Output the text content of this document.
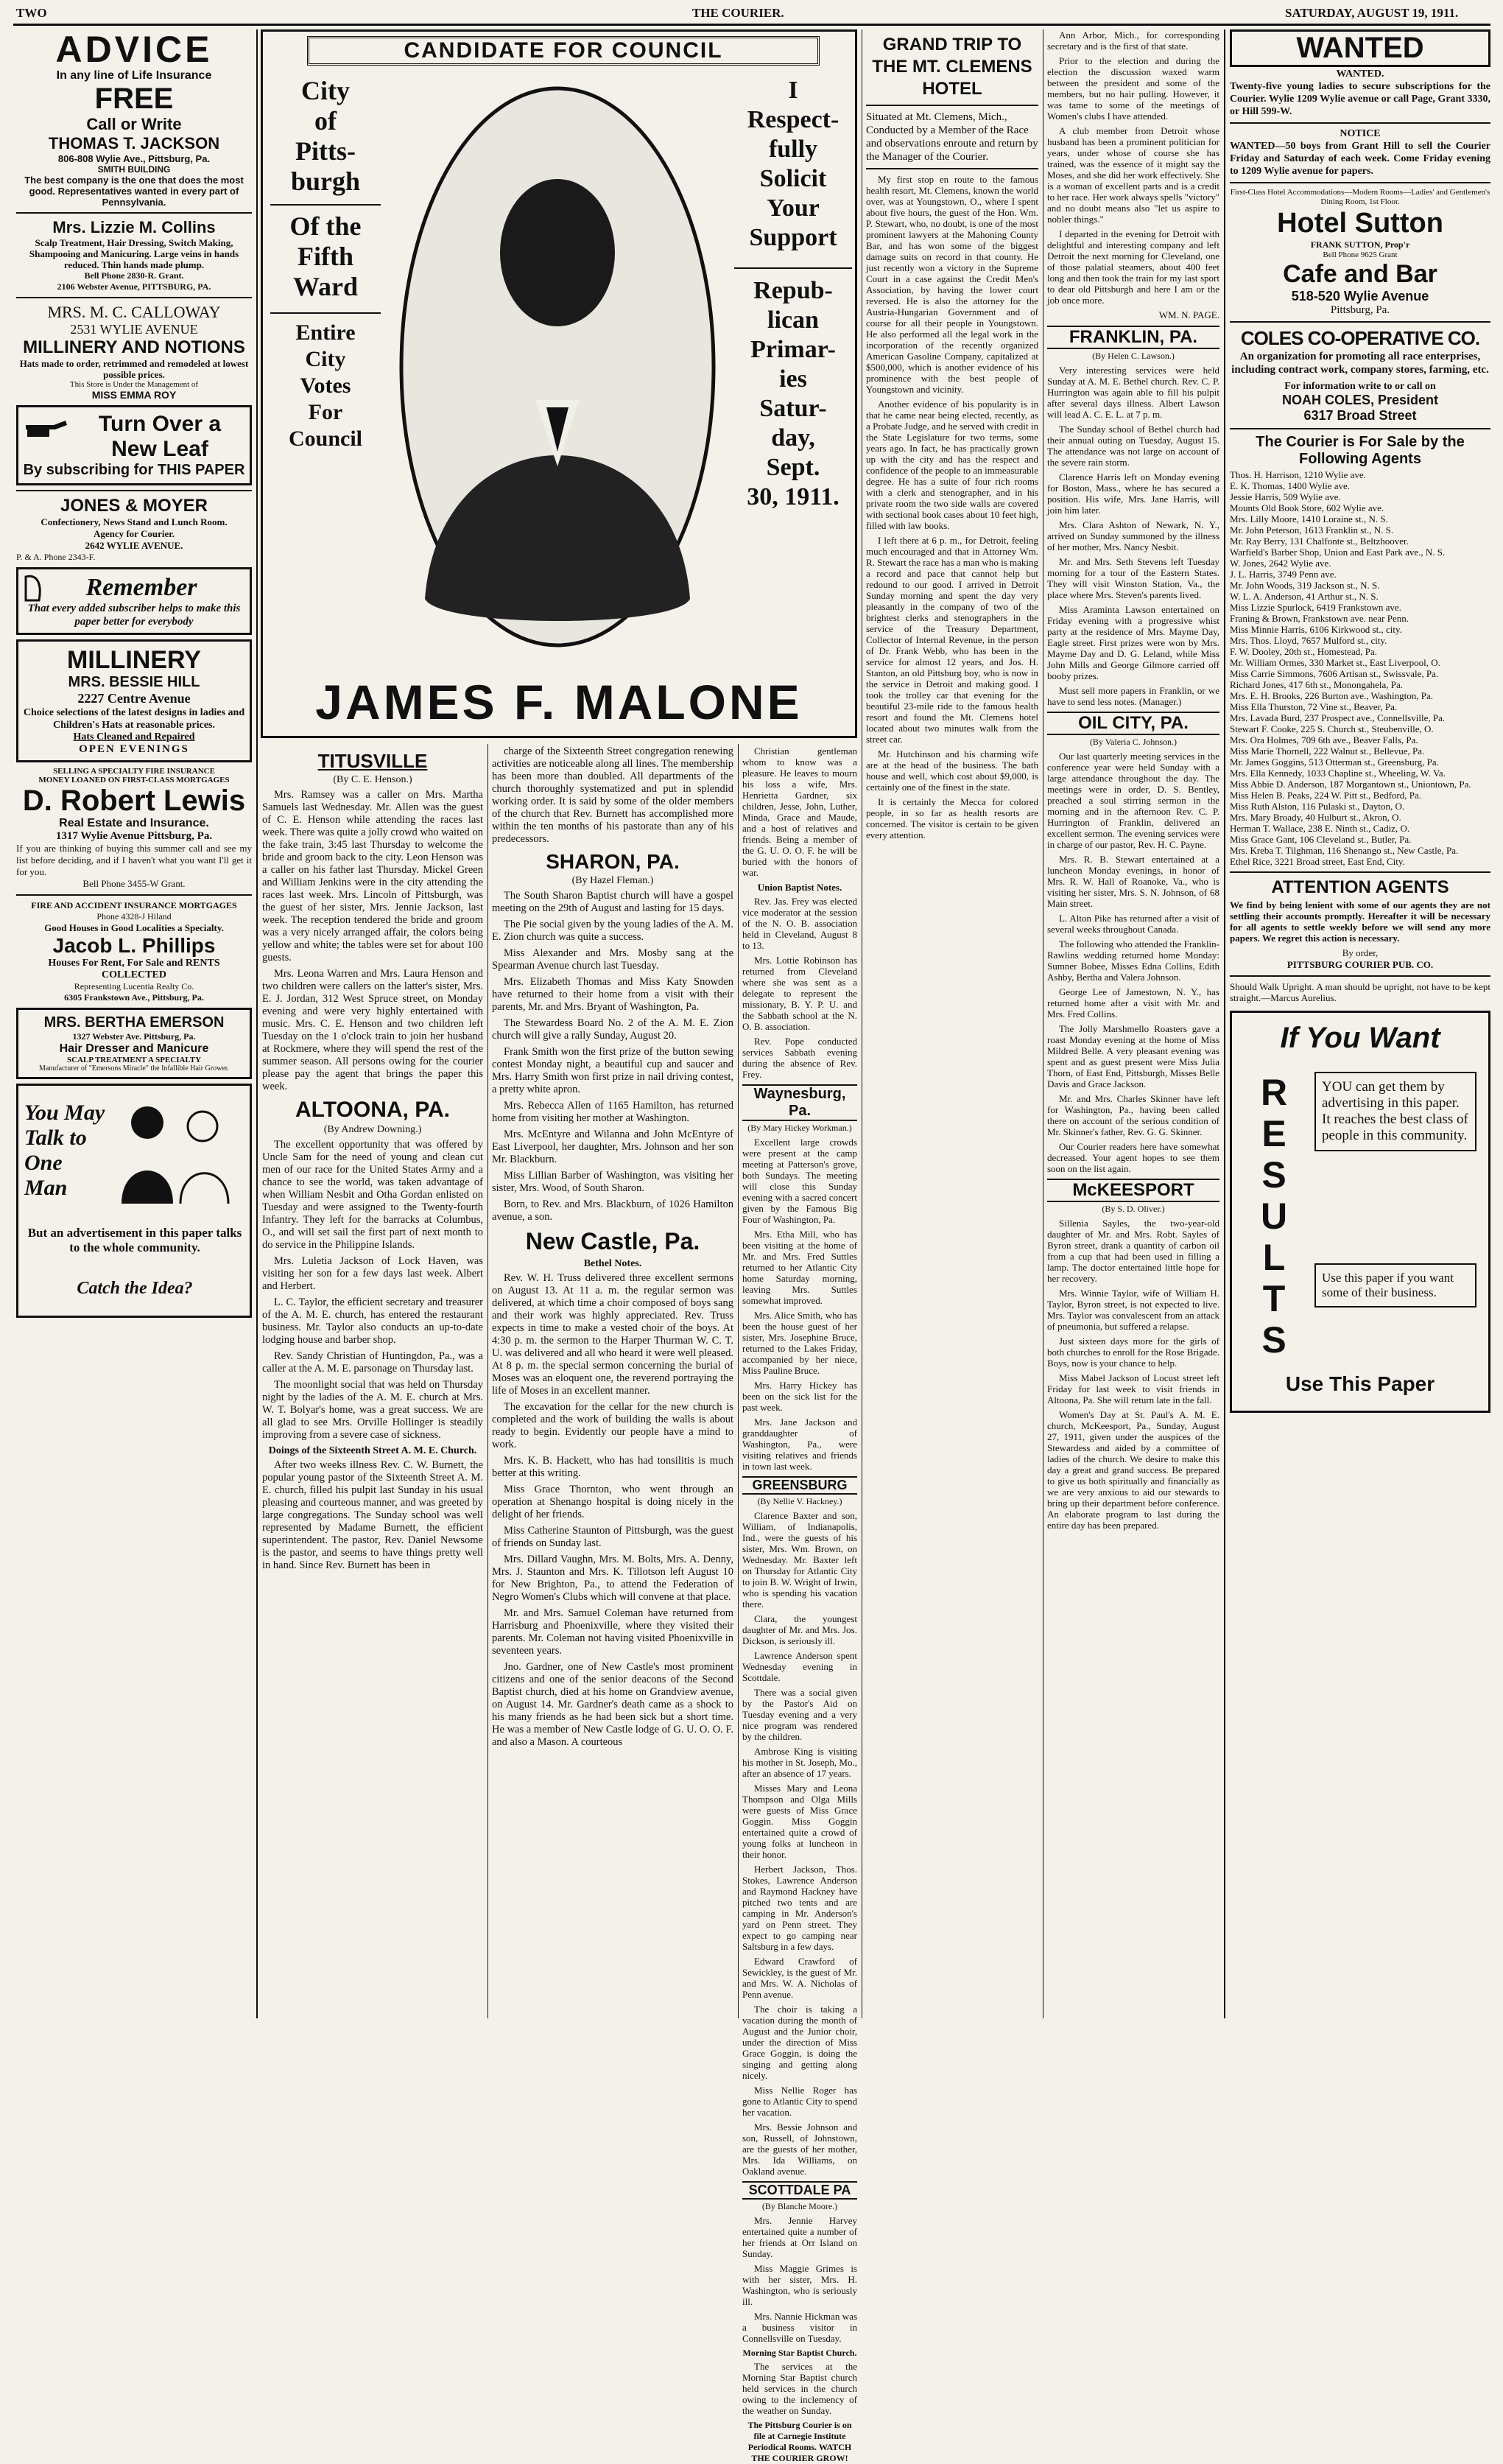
TWO	THE COURIER.	SATURDAY, AUGUST 19, 1911.
ADVICE
In any line of Life Insurance
FREE
Call or Write
THOMAS T. JACKSON
806-808 Wylie Ave., Pittsburg, Pa.
SMITH BUILDING
The best company is the one that does the most good. Representatives wanted in every part of Pennsylvania.
Mrs. Lizzie M. Collins
Scalp Treatment, Hair Dressing, Switch Making, Shampooing and Manicuring. Large veins in hands reduced. Thin hands made plump.
Bell Phone 2830-R. Grant.
2106 Webster Avenue, PITTSBURG, PA.
MRS. M. C. CALLOWAY
2531 WYLIE AVENUE
MILLINERY AND NOTIONS
Hats made to order, retrimmed and remodeled at lowest possible prices.
This Store is Under the Management of
MISS EMMA ROY
Turn Over a New Leaf
By subscribing for THIS PAPER
JONES & MOYER
Confectionery, News Stand and Lunch Room.
Agency for Courier.
2642 WYLIE AVENUE.
P. & A. Phone 2343-F.
Remember
That every added subscriber helps to make this paper better for everybody
MILLINERY
MRS. BESSIE HILL
2227 Centre Avenue
Choice selections of the latest designs in ladies and Children's Hats at reasonable prices.
Hats Cleaned and Repaired
OPEN EVENINGS
SELLING A SPECIALTY FIRE INSURANCE
MONEY LOANED ON FIRST-CLASS MORTGAGES
D. Robert Lewis
Real Estate and Insurance.
1317 Wylie Avenue Pittsburg, Pa.
If you are thinking of buying this summer call and see my list before deciding, and if I haven't what you want I'll get it for you.
Bell Phone 3455-W Grant.
FIRE AND ACCIDENT INSURANCE MORTGAGES
Phone 4328-J Hiland
Good Houses in Good Localities a Specialty.
Jacob L. Phillips
Houses For Rent, For Sale and RENTS COLLECTED
Representing Lucentia Realty Co.
6305 Frankstown Ave., Pittsburg, Pa.
MRS. BERTHA EMERSON
1327 Webster Ave. Pittsburg, Pa.
Hair Dresser and Manicure
SCALP TREATMENT A SPECIALTY
Manufacturer of "Emersons Miracle" the Infallible Hair Grower.
You May Talk to One Man
But an advertisement in this paper talks to the whole community.
Catch the Idea?
CANDIDATE FOR COUNCIL
City
of
Pitts-
burgh
Of the
Fifth
Ward
Entire
City
Votes
For
Council
I
Respect-
fully
Solicit
Your
Support
Repub-
lican
Primar-
ies
Satur-
day,
Sept.
30, 1911.
JAMES F. MALONE
TITUSVILLE
(By C. E. Henson.)

Mrs. Ramsey was a caller on Mrs. Martha Samuels last Wednesday. Mr. Allen was the guest of C. E. Henson while attending the races last week. There was quite a jolly crowd who waited on the fake train, 3:45 last Thursday to welcome the bride and groom back to the city. Leon Henson was a caller on his father last Thursday. Mickel Green and William Jenkins were in the city attending the races last week. Mrs. Lincoln of Pittsburgh, was the guest of her sister, Mrs. Jennie Jackson, last week. The reception tendered the bride and groom was a very nicely arranged affair, the colors being yellow and white; the tables were set for about 100 guests.

Mrs. Leona Warren and Mrs. Laura Henson and two children were callers on the latter's sister, Mrs. E. J. Jordan, 312 West Spruce street, on Monday evening and were very highly entertained with music. Mrs. C. E. Henson and two children left Tuesday on the 1 o'clock train to join her husband at Rockmere, where they will spend the rest of the summer season. All persons owing for the courier please pay the agent that brings the paper this week.

ALTOONA, PA.
(By Andrew Downing.)

The excellent opportunity that was offered by Uncle Sam for the need of young and clean cut men of our race for the United States Army and a chance to see the world, was taken advantage of when William Nesbit and Otha Gordan enlisted on Tuesday and were assigned to the Twenty-fourth Infantry. They left for the barracks at Columbus, O., and will set sail the first part of next month to do service in the Philippine Islands.

Mrs. Luletia Jackson of Lock Haven, was visiting her son for a few days last week. Albert and Herbert.

L. C. Taylor, the efficient secretary and treasurer of the A. M. E. church, has entered the restaurant business. Mr. Taylor also conducts an up-to-date lodging house and barber shop.

Rev. Sandy Christian of Huntingdon, Pa., was a caller at the A. M. E. parsonage on Thursday last.

The moonlight social that was held on Thursday night by the ladies of the A. M. E. church at Mrs. W. T. Bolyar's home, was a great success. We are all glad to see Mrs. Orville Hollinger is steadily improving from a severe case of sickness.

Doings of the Sixteenth Street A. M. E. Church.

After two weeks illness Rev. C. W. Burnett, the popular young pastor of the Sixteenth Street A. M. E. church, filled his pulpit last Sunday in his usual pleasing and courteous manner, and was greeted by large congregations. The Sunday school was well represented by Madame Burnett, the efficient superintendent. The pastor, Rev. Daniel Newsome is the pastor, and seems to have things pretty well in hand. Since Rev. Burnett has been in

charge of the Sixteenth Street congregation renewing activities are noticeable along all lines. The membership has been more than doubled. All departments of the church thoroughly systematized and put in splendid working order. It is said by some of the older members of the church that Rev. Burnett has accomplished more within the ten months of his pastorate than any of his predecessors.

SHARON, PA.
(By Hazel Fleman.)

The South Sharon Baptist church will have a gospel meeting on the 29th of August and lasting for 15 days.

The Pie social given by the young ladies of the A. M. E. Zion church was quite a success.

Miss Alexander and Mrs. Mosby sang at the Spearman Avenue church last Tuesday.

Mrs. Elizabeth Thomas and Miss Katy Snowden have returned to their home from a visit with their parents, Mr. and Mrs. Bryant of Washington, Pa.

The Stewardess Board No. 2 of the A. M. E. Zion church will give a rally Sunday, August 20.

Frank Smith won the first prize of the button sewing contest Monday night, a beautiful cup and saucer and Mrs. Harry Smith won first prize in nail driving contest, a pretty white apron.

Mrs. Rebecca Allen of 1165 Hamilton, has returned home from visiting her mother at Washington.

Mrs. McEntyre and Wilanna and John McEntyre of East Liverpool, her daughter, Mrs. Johnson and her son Mr. Blackburn.

Miss Lillian Barber of Washington, was visiting her sister, Mrs. Wood, of South Sharon.

Born, to Rev. and Mrs. Blackburn, of 1026 Hamilton avenue, a son.

New Castle, Pa.
Bethel Notes.

Rev. W. H. Truss delivered three excellent sermons on August 13. At 11 a. m. the regular sermon was delivered, at which time a choir composed of boys sang and their work was highly appreciated. Rev. Truss expects in time to make a vested choir of the boys. At 4:30 p. m. the sermon to the Harper Thurman W. C. T. U. was delivered and all who heard it were well pleased. At 8 p. m. the special sermon concerning the burial of Moses was an eloquent one, the reverend portraying the life of Moses in an excellent manner.

The excavation for the cellar for the new church is completed and the work of building the walls is about ready to begin. Evidently our people have a mind to work.

Mrs. K. B. Hackett, who has had tonsilitis is much better at this writing.

Miss Grace Thornton, who went through an operation at Shenango hospital is doing nicely in the delight of her friends.

Miss Catherine Staunton of Pittsburgh, was the guest of friends on Sunday last.

Mrs. Dillard Vaughn, Mrs. M. Bolts, Mrs. A. Denny, Mrs. J. Staunton and Mrs. K. Tillotson left August 10 for New Brighton, Pa., to attend the Federation of Negro Women's Clubs which will convene at that place.

Mr. and Mrs. Samuel Coleman have returned from Harrisburg and Phoenixville, where they visited their parents. Mr. Coleman not having visited Phoenixville in seventeen years.

Jno. Gardner, one of New Castle's most prominent citizens and one of the senior deacons of the Second Baptist church, died at his home on Grandview avenue, on August 14. Mr. Gardner's death came as a shock to his many friends as he had been sick but a short time. He was a member of New Castle lodge of G. U. O. O. F. and also a Mason. A courteous

Christian gentleman whom to know was a pleasure. He leaves to mourn his loss a wife, Mrs. Henrietta Gardner, six children, Jesse, John, Luther, Minda, Grace and Maude, and a host of relatives and friends. Being a member of the G. U. O. O. F. he will be buried with the honors of war.

Union Baptist Notes.

Rev. Jas. Frey was elected vice moderator at the session of the N. O. B. association held in Cleveland, August 8 to 13.

Mrs. Lottie Robinson has returned from Cleveland where she was sent as a delegate to represent the missionary, B. Y. P. U. and the Sabbath school at the N. O. B. association.

Rev. Pope conducted services Sabbath evening during the absence of Rev. Frey.

Waynesburg, Pa.
(By Mary Hickey Workman.)

Excellent large crowds were present at the camp meeting at Patterson's grove, both Sundays. The meeting will close this Sunday evening with a sacred concert given by the Famous Big Four of Washington, Pa.

Mrs. Etha Mill, who has been visiting at the home of Mr. and Mrs. Fred Suttles returned to her Atlantic City home Saturday morning, leaving Mrs. Suttles somewhat improved.

Mrs. Alice Smith, who has been the house guest of her sister, Mrs. Josephine Bruce, returned to the Lakes Friday, accompanied by her niece, Miss Pauline Bruce.

Mrs. Harry Hickey has been on the sick list for the past week.

Mrs. Jane Jackson and granddaughter of Washington, Pa., were visiting relatives and friends in town last week.

GREENSBURG
(By Nellie V. Hackney.)

Clarence Baxter and son, William, of Indianapolis, Ind., were the guests of his sister, Mrs. Wm. Brown, on Wednesday. Mr. Baxter left on Thursday for Atlantic City to join B. W. Wright of Irwin, who is spending his vacation there.

Clara, the youngest daughter of Mr. and Mrs. Jos. Dickson, is seriously ill.

Lawrence Anderson spent Wednesday evening in Scottdale.

There was a social given by the Pastor's Aid on Tuesday evening and a very nice program was rendered by the children.

Ambrose King is visiting his mother in St. Joseph, Mo., after an absence of 17 years.

Misses Mary and Leona Thompson and Olga Mills were guests of Miss Grace Goggin. Miss Goggin entertained quite a crowd of young folks at luncheon in their honor.

Herbert Jackson, Thos. Stokes, Lawrence Anderson and Raymond Hackney have pitched two tents and are camping in Mr. Anderson's yard on Penn street. They expect to go camping near Saltsburg in a few days.

Edward Crawford of Sewickley, is the guest of Mr. and Mrs. W. A. Nicholas of Penn avenue.

The choir is taking a vacation during the month of August and the Junior choir, under the direction of Miss Grace Goggin, is doing the singing and getting along nicely.

Miss Nellie Roger has gone to Atlantic City to spend her vacation.

Mrs. Bessie Johnson and son, Russell, of Johnstown, are the guests of her mother, Mrs. Ida Williams, on Oakland avenue.

SCOTTDALE PA
(By Blanche Moore.)

Mrs. Jennie Harvey entertained quite a number of her friends at Orr Island on Sunday.

Miss Maggie Grimes is with her sister, Mrs. H. Washington, who is seriously ill.

Mrs. Nannie Hickman was a business visitor in Connellsville on Tuesday.

Morning Star Baptist Church.

The services at the Morning Star Baptist church held services in the church owing to the inclemency of the weather on Sunday.

The Pittsburg Courier is on file at Carnegie Institute Periodical Rooms. WATCH THE COURIER GROW!
GRAND TRIP TO THE MT. CLEMENS HOTEL
Situated at Mt. Clemens, Mich., Conducted by a Member of the Race and observations enroute and return by the Manager of the Courier.

My first stop en route to the famous health resort, Mt. Clemens, known the world over, was at Youngstown, O., where I spent about five hours, the guest of the Hon. Wm. P. Stewart, who, no doubt, is one of the most prominent lawyers at the Mahoning County Bar, and has won some of the biggest damage suits on record in that county. He just recently won a victory in the Supreme Court in a case against the Credit Men's Association, by having the lower court reversed. He is also the attorney for the Austria-Hungarian Government and of course for all their people in Youngstown. He also performed all the legal work in the incorporation of the recently organized American Gasoline Company, capitalized at $500,000, which is another evidence of his prominence with the best people of Youngstown and vicinity.

Another evidence of his popularity is in that he came near being elected, recently, as a Probate Judge, and he served with credit in the State Legislature for two terms, some years ago. In fact, he has practically grown up with the city and has the respect and confidence of the people to an immeasurable degree. He has a suite of four rich rooms with a clerk and stenographer, and in his private room the two side walls are covered with sectional book cases about 10 feet high, filled with law books.

I left there at 6 p. m., for Detroit, feeling much encouraged and that in Attorney Wm. R. Stewart the race has a man who is making a record and pace that cannot help but redound to our good. I arrived in Detroit Sunday morning and spent the day very pleasantly in the company of two of the brightest clerks and stenographers in the service of the Treasury Department, Collector of Internal Revenue, in the person of Dr. Frank Webb, who has been in the service for almost 12 years, and Jos. H. Stanton, an old Pittsburg boy, who is now in the service in Detroit and making good. I took the trolley car that evening for the beautiful 23-mile ride to the famous health resort and found the Mt. Clemens hotel located about two minutes walk from the street car.

Mr. Hutchinson and his charming wife are at the head of the business. The bath house and well, which cost about $9,000, is certainly one of the finest in the state.

It is certainly the Mecca for colored people, in so far as health resorts are concerned. The visitor is certain to be given every attention.

Ann Arbor, Mich., for corresponding secretary and is the first of that state.

Prior to the election and during the election the discussion waxed warm between the president and some of the members, but no hair pulling. However, it was tame to some of the meetings of Women's clubs I have attended.

A club member from Detroit whose husband has been a prominent politician for years, under whose of course she has trained, was the essence of it might say the Moses, and she did her work effectively. She is a woman of excellent parts and is a credit to her race. Her work always spells "victory" and no doubt means also "let us aspire to nobler things."

I departed in the evening for Detroit with delightful and interesting company and left Detroit the next morning for Cleveland, one of those palatial steamers, about 400 feet long and then took the train for my last sport to dear old Pittsburgh and here I am or the job once more.

WM. N. PAGE.
FRANKLIN, PA.
(By Helen C. Lawson.)

Very interesting services were held Sunday at A. M. E. Bethel church. Rev. C. P. Hurrington was again able to fill his pulpit after several days illness. Albert Lawson will lead A. C. E. L. at 7 p. m.

The Sunday school of Bethel church had their annual outing on Tuesday, August 15. The attendance was not large on account of the severe rain storm.

Clarence Harris left on Monday evening for Boston, Mass., where he has secured a position. His wife, Mrs. Jane Harris, will join him later.

Mrs. Clara Ashton of Newark, N. Y., arrived on Sunday summoned by the illness of her mother, Mrs. Nancy Nesbit.

Mr. and Mrs. Seth Stevens left Tuesday morning for a tour of the Eastern States. They will visit Winston Station, Va., the place where Mrs. Steven's parents lived.

Miss Araminta Lawson entertained on Friday evening with a progressive whist party at the residence of Mrs. Mayme Day, Eagle street. First prizes were won by Mrs. Mayme Day and D. G. Leland, while Miss John Mills and George Gilmore carried off booby prizes.

Must sell more papers in Franklin, or we have to send less notes. (Manager.)

OIL CITY, PA.
(By Valeria C. Johnson.)

Our last quarterly meeting services in the conference year were held Sunday with a large attendance throughout the day. The meetings were in order, D. S. Bentley, preached a soul stirring sermon in the morning and in the afternoon Rev. C. P. Hurrington of Franklin, delivered an excellent sermon. The evening services were in charge of our pastor, Rev. H. C. Payne.

Mrs. R. B. Stewart entertained at a luncheon Monday evenings, in honor of Mrs. R. W. Hall of Roanoke, Va., who is visiting her sister, Mrs. S. N. Johnson, of 68 Main street.

L. Alton Pike has returned after a visit of several weeks throughout Canada.

The following who attended the Franklin-Rawlins wedding returned home Monday: Sumner Bobee, Misses Edna Collins, Edith Ashby, Bertha and Valera Johnson.

George Lee of Jamestown, N. Y., has returned home after a visit with Mr. and Mrs. Fred Collins.

The Jolly Marshmello Roasters gave a roast Monday evening at the home of Miss Mildred Belle. A very pleasant evening was spent and as guest present were Miss Julia Thorn, of East End, Pittsburgh, Misses Belle Davis and Grace Jackson.

Mr. and Mrs. Charles Skinner have left for Washington, Pa., having been called there on account of the serious condition of Mr. Skinner's father, Rev. G. G. Skinner.

Our Courier readers here have somewhat decreased. Your agent hopes to see them soon on the list again.

McKEESPORT
(By S. D. Oliver.)

Sillenia Sayles, the two-year-old daughter of Mr. and Mrs. Robt. Sayles of Byron street, drank a quantity of carbon oil from a cup that had been used in filling a lamp. The doctor entertained little hope for her recovery.

Mrs. Winnie Taylor, wife of William H. Taylor, Byron street, is not expected to live. Mrs. Taylor was convalescent from an attack of pneumonia, but suffered a relapse.

Just sixteen days more for the girls of both churches to enroll for the Rose Brigade. Boys, now is your chance to help.

Miss Mabel Jackson of Locust street left Friday for last week to visit friends in Altoona, Pa. She will return late in the fall.

Women's Day at St. Paul's A. M. E. church, McKeesport, Pa., Sunday, August 27, 1911, given under the auspices of the Stewardess and aided by a committee of ladies of the church. We desire to make this day a great and grand success. Be prepared to give us both spiritually and financially as we are very anxious to aid our stewards to bring up their department before conference. An elaborate program to last during the entire day has been prepared.

WANTED
WANTED.
Twenty-five young ladies to secure subscriptions for the Courier. Wylie 1209 Wylie avenue or call Page, Grant 3330, or Hill 599-W.
NOTICE
WANTED—50 boys from Grant Hill to sell the Courier Friday and Saturday of each week. Come Friday evening to 1209 Wylie avenue for papers.
First-Class Hotel Accommodations—Modern Rooms—Ladies' and Gentlemen's Dining Room, 1st Floor.
Hotel Sutton
FRANK SUTTON, Prop'r
Bell Phone 9625 Grant
Cafe and Bar
518-520 Wylie Avenue
Pittsburg, Pa.
COLES CO-OPERATIVE CO.
An organization for promoting all race enterprises, including contract work, company stores, farming, etc.
For information write to or call on
NOAH COLES, President
6317 Broad Street
The Courier is For Sale by the Following Agents
Thos. H. Harrison, 1210 Wylie ave.
E. K. Thomas, 1400 Wylie ave.
Jessie Harris, 509 Wylie ave.
Mounts Old Book Store, 602 Wylie ave.
Mrs. Lilly Moore, 1410 Loraine st., N. S.
Mr. John Peterson, 1613 Franklin st., N. S.
Mr. Ray Berry, 131 Chalfonte st., Beltzhoover.
Warfield's Barber Shop, Union and East Park ave., N. S.
W. Jones, 2642 Wylie ave.
J. L. Harris, 3749 Penn ave.
Mr. John Woods, 319 Jackson st., N. S.
W. L. A. Anderson, 41 Arthur st., N. S.
Miss Lizzie Spurlock, 6419 Frankstown ave.
Franing & Brown, Frankstown ave. near Penn.
Miss Minnie Harris, 6106 Kirkwood st., city.
Mrs. Thos. Lloyd, 7657 Mulford st., city.
F. W. Dooley, 20th st., Homestead, Pa.
Mr. William Ormes, 330 Market st., East Liverpool, O.
Miss Carrie Simmons, 7606 Artisan st., Swissvale, Pa.
Richard Jones, 417 6th st., Monongahela, Pa.
Mrs. E. H. Brooks, 226 Burton ave., Washington, Pa.
Miss Ella Thurston, 72 Vine st., Beaver, Pa.
Mrs. Lavada Burd, 237 Prospect ave., Connellsville, Pa.
Stewart F. Cooke, 225 S. Church st., Steubenville, O.
Mrs. Ora Holmes, 709 6th ave., Beaver Falls, Pa.
Miss Marie Thornell, 222 Walnut st., Bellevue, Pa.
Mr. James Goggins, 513 Otterman st., Greensburg, Pa.
Mrs. Ella Kennedy, 1033 Chapline st., Wheeling, W. Va.
Miss Abbie D. Anderson, 187 Morgantown st., Uniontown, Pa.
Miss Helen B. Peaks, 224 W. Pitt st., Bedford, Pa.
Miss Ruth Alston, 116 Pulaski st., Dayton, O.
Mrs. Mary Broady, 40 Hulburt st., Akron, O.
Herman T. Wallace, 238 E. Ninth st., Cadiz, O.
Miss Grace Gant, 106 Cleveland st., Butler, Pa.
Mrs. Kreba T. Tilghman, 116 Shenango st., New Castle, Pa.
Ethel Rice, 3221 Broad street, East End, City.
ATTENTION AGENTS
We find by being lenient with some of our agents they are not settling their accounts promptly. Hereafter it will be necessary for all agents to settle weekly before we will send any more papers. We regret this action is necessary.
By order,
PITTSBURG COURIER PUB. CO.
Should Walk Upright. A man should be upright, not have to be kept straight.—Marcus Aurelius.
If You Want
R
E
S
U
L
T
S
YOU can get them by advertising in this paper. It reaches the best class of people in this community.
Use this paper if you want some of their business.
Use This Paper
